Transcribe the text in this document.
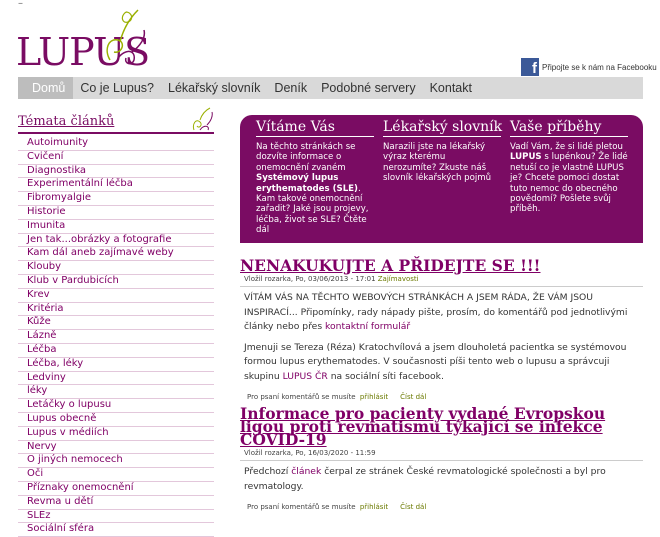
–
LUPUS	f Připojte se k nám na Facebooku
Domů	Co je Lupus?	Lékařský slovník	Deník	Podobné servery	Kontakt
Témata článků
Autoimunity
Cvičení
Diagnostika
Experimentální léčba
Fibromyalgie
Historie
Imunita
Jen tak...obrázky a fotografie
Kam dál aneb zajímavé weby
Klouby
Klub v Pardubicích
Krev
Kritéria
Kůže
Lázně
Léčba
Léčba, léky
Ledviny
léky
Letáčky o lupusu
Lupus obecně
Lupus v médiích
Nervy
O jiných nemocech
Oči
Příznaky onemocnění
Revma u dětí
SLEz
Sociální sféra
Vítáme Vás

Na těchto stránkách se dozvíte informace o onemocnění zvaném Systémový lupus erythematodes (SLE). Kam takové onemocnění zařadit? Jaké jsou projevy, léčba, život se SLE? Čtěte dál

Lékařský slovník

Narazili jste na lékařský výraz kterému nerozumíte? Zkuste náš slovník lékařských pojmů

Vaše příběhy

Vadí Vám, že si lidé pletou LUPUS s lupénkou? Že lidé netuší co je vlastně LUPUS je? Chcete pomoci dostat tuto nemoc do obecného povědomí? Pošlete svůj příběh.

NENAKUKUJTE A PŘIDEJTE SE !!!
Vložil rozarka, Po, 03/06/2013 - 17:01 Zajímavosti

VÍTÁM VÁS NA TĚCHTO WEBOVÝCH STRÁNKÁCH A JSEM RÁDA, ŽE VÁM JSOU INSPIRACÍ... Připomínky, rady nápady pište, prosím, do komentářů pod jednotlivými články nebo přes kontaktní formulář

Jmenuji se Tereza (Réza) Kratochvílová a jsem dlouholetá pacientka se systémovou formou lupus erythematodes. V současnosti píši tento web o lupusu a správcuji skupinu LUPUS ČR na sociální síti facebook.

Pro psaní komentářů se musíte přihlásit Číst dál
Informace pro pacienty vydané Evropskou ligou proti revmatismu týkající se infekce COVID-19
Vložil rozarka, Po, 16/03/2020 - 11:59

Předchozí článek čerpal ze stránek České revmatologické společnosti a byl pro revmatology.

Pro psaní komentářů se musíte přihlásit Číst dál
